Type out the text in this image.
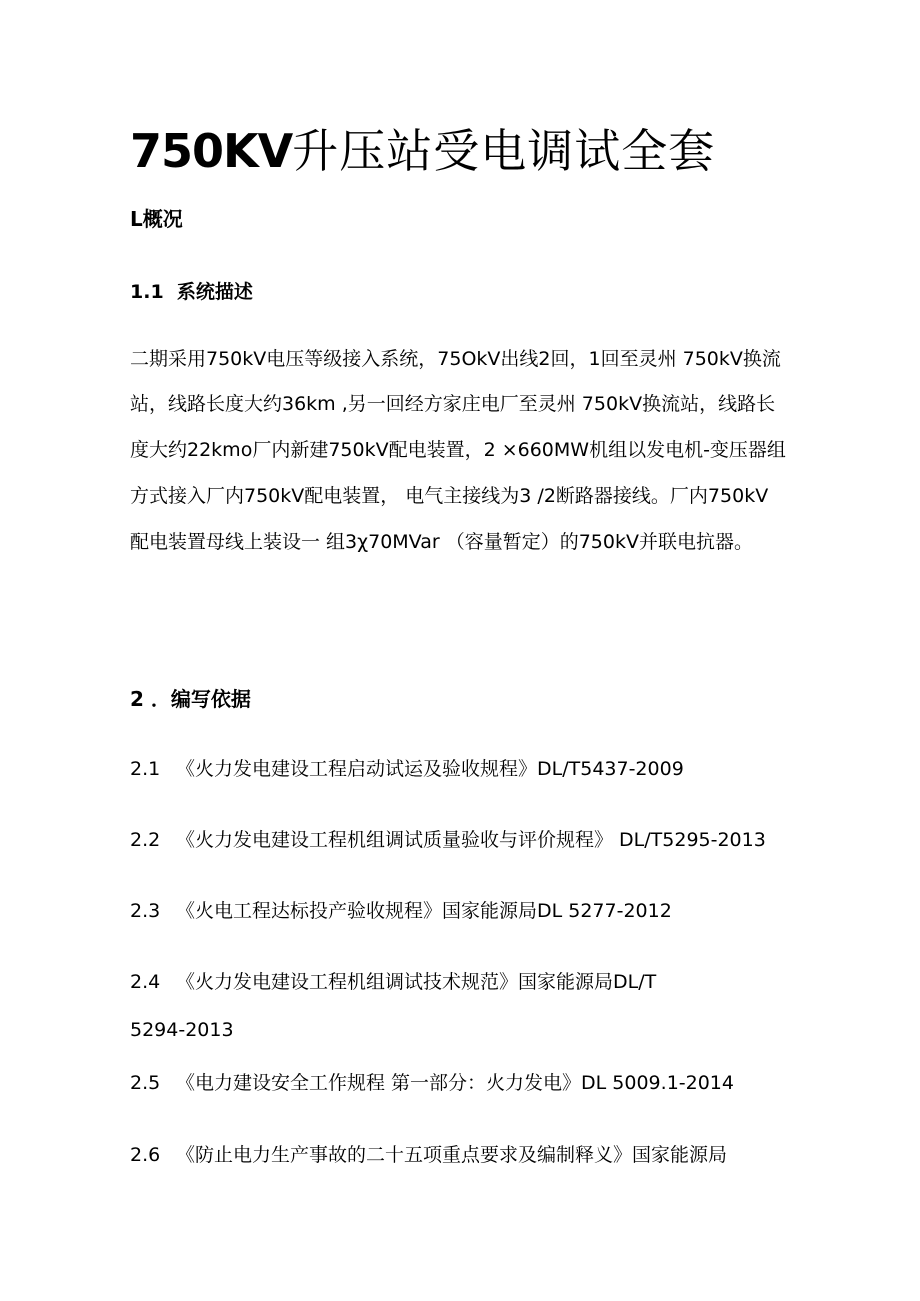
750KV升压站受电调试全套
L概况
1.1 系统描述
二期采用750kV电压等级接入系统，75OkV出线2回，1回至灵州 750kV换流
站，线路长度大约36km ,另一回经方家庄电厂至灵州 750kV换流站，线路长
度大约22kmo厂内新建750kV配电装置，2 ×660MW机组以发电机-变压器组
方式接入厂内750kV配电装置， 电气主接线为3 /2断路器接线。厂内750kV
配电装置母线上装设一 组3χ70MVar （容量暂定）的750kV并联电抗器。
2 ．编写依据

2.1 《火力发电建设工程启动试运及验收规程》DL/T5437-2009

2.2 《火力发电建设工程机组调试质量验收与评价规程》 DL/T5295-2013

2.3 《火电工程达标投产验收规程》国家能源局DL 5277-2012

2.4 《火力发电建设工程机组调试技术规范》国家能源局DL/T

5294-2013

2.5 《电力建设安全工作规程 第一部分：火力发电》DL 5009.1-2014

2.6 《防止电力生产事故的二十五项重点要求及编制释义》国家能源局
